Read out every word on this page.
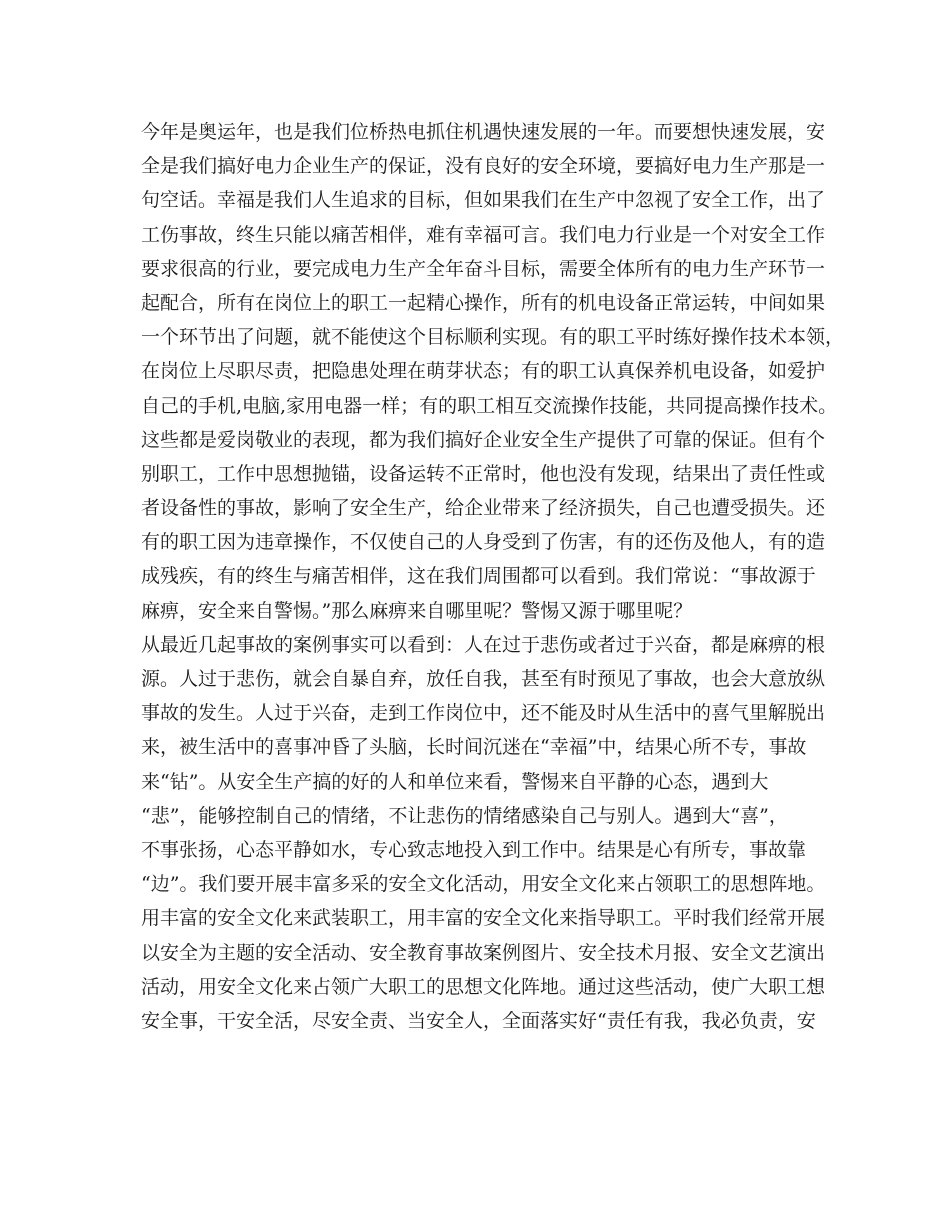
今年是奥运年，也是我们位桥热电抓住机遇快速发展的一年。而要想快速发展，安
全是我们搞好电力企业生产的保证，没有良好的安全环境，要搞好电力生产那是一
句空话。幸福是我们人生追求的目标，但如果我们在生产中忽视了安全工作，出了
工伤事故，终生只能以痛苦相伴，难有幸福可言。我们电力行业是一个对安全工作
要求很高的行业，要完成电力生产全年奋斗目标，需要全体所有的电力生产环节一
起配合，所有在岗位上的职工一起精心操作，所有的机电设备正常运转，中间如果
一个环节出了问题，就不能使这个目标顺利实现。有的职工平时练好操作技术本领，
在岗位上尽职尽责，把隐患处理在萌芽状态；有的职工认真保养机电设备，如爱护
自己的手机,电脑,家用电器一样；有的职工相互交流操作技能，共同提高操作技术。
这些都是爱岗敬业的表现，都为我们搞好企业安全生产提供了可靠的保证。但有个
别职工，工作中思想抛锚，设备运转不正常时，他也没有发现，结果出了责任性或
者设备性的事故，影响了安全生产，给企业带来了经济损失，自己也遭受损失。还
有的职工因为违章操作，不仅使自己的人身受到了伤害，有的还伤及他人，有的造
成残疾，有的终生与痛苦相伴，这在我们周围都可以看到。我们常说：“事故源于
麻痹，安全来自警惕。”那么麻痹来自哪里呢？警惕又源于哪里呢？
从最近几起事故的案例事实可以看到：人在过于悲伤或者过于兴奋，都是麻痹的根
源。人过于悲伤，就会自暴自弃，放任自我，甚至有时预见了事故，也会大意放纵
事故的发生。人过于兴奋，走到工作岗位中，还不能及时从生活中的喜气里解脱出
来，被生活中的喜事冲昏了头脑，长时间沉迷在“幸福”中，结果心所不专，事故
来“钻”。从安全生产搞的好的人和单位来看，警惕来自平静的心态，遇到大
“悲”，能够控制自己的情绪，不让悲伤的情绪感染自己与别人。遇到大“喜”，
不事张扬，心态平静如水，专心致志地投入到工作中。结果是心有所专，事故靠
“边”。我们要开展丰富多采的安全文化活动，用安全文化来占领职工的思想阵地。
用丰富的安全文化来武装职工，用丰富的安全文化来指导职工。平时我们经常开展
以安全为主题的安全活动、安全教育事故案例图片、安全技术月报、安全文艺演出
活动，用安全文化来占领广大职工的思想文化阵地。通过这些活动，使广大职工想
安全事，干安全活，尽安全责、当安全人，全面落实好“责任有我，我必负责，安
